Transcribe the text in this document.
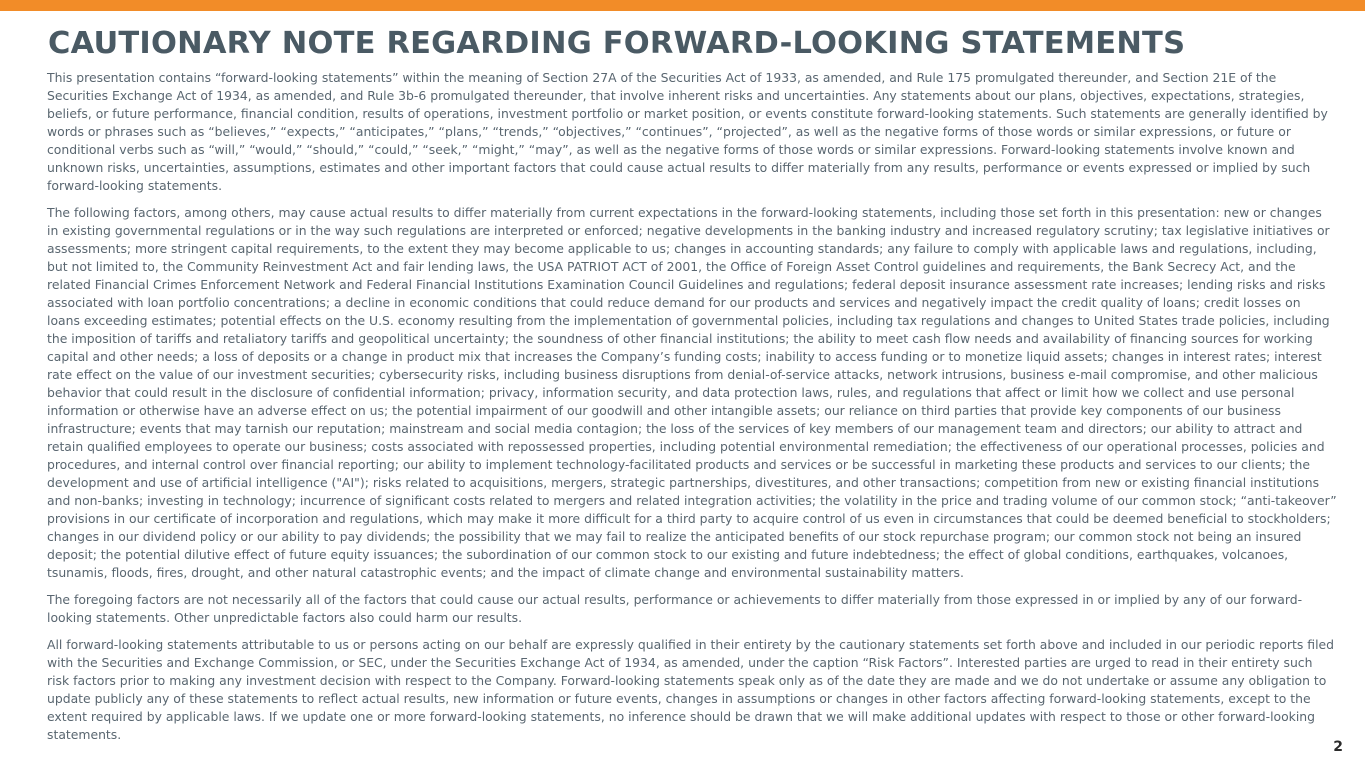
CAUTIONARY NOTE REGARDING FORWARD-LOOKING STATEMENTS

This presentation contains “forward-looking statements” within the meaning of Section 27A of the Securities Act of 1933, as amended, and Rule 175 promulgated thereunder, and Section 21E of the Securities Exchange Act of 1934, as amended, and Rule 3b-6 promulgated thereunder, that involve inherent risks and uncertainties. Any statements about our plans, objectives, expectations, strategies, beliefs, or future performance, financial condition, results of operations, investment portfolio or market position, or events constitute forward-looking statements. Such statements are generally identified by words or phrases such as “believes,” “expects,” “anticipates,” “plans,” “trends,” “objectives,” “continues”, “projected”, as well as the negative forms of those words or similar expressions, or future or conditional verbs such as “will,” “would,” “should,” “could,” “seek,” “might,” “may”, as well as the negative forms of those words or similar expressions. Forward-looking statements involve known and unknown risks, uncertainties, assumptions, estimates and other important factors that could cause actual results to differ materially from any results, performance or events expressed or implied by such forward-looking statements.

The following factors, among others, may cause actual results to differ materially from current expectations in the forward-looking statements, including those set forth in this presentation: new or changes in existing governmental regulations or in the way such regulations are interpreted or enforced; negative developments in the banking industry and increased regulatory scrutiny; tax legislative initiatives or assessments; more stringent capital requirements, to the extent they may become applicable to us; changes in accounting standards; any failure to comply with applicable laws and regulations, including, but not limited to, the Community Reinvestment Act and fair lending laws, the USA PATRIOT ACT of 2001, the Office of Foreign Asset Control guidelines and requirements, the Bank Secrecy Act, and the related Financial Crimes Enforcement Network and Federal Financial Institutions Examination Council Guidelines and regulations; federal deposit insurance assessment rate increases; lending risks and risks associated with loan portfolio concentrations; a decline in economic conditions that could reduce demand for our products and services and negatively impact the credit quality of loans; credit losses on loans exceeding estimates; potential effects on the U.S. economy resulting from the implementation of governmental policies, including tax regulations and changes to United States trade policies, including the imposition of tariffs and retaliatory tariffs and geopolitical uncertainty; the soundness of other financial institutions; the ability to meet cash flow needs and availability of financing sources for working capital and other needs; a loss of deposits or a change in product mix that increases the Company’s funding costs; inability to access funding or to monetize liquid assets; changes in interest rates; interest rate effect on the value of our investment securities; cybersecurity risks, including business disruptions from denial-of-service attacks, network intrusions, business e-mail compromise, and other malicious behavior that could result in the disclosure of confidential information; privacy, information security, and data protection laws, rules, and regulations that affect or limit how we collect and use personal information or otherwise have an adverse effect on us; the potential impairment of our goodwill and other intangible assets; our reliance on third parties that provide key components of our business infrastructure; events that may tarnish our reputation; mainstream and social media contagion; the loss of the services of key members of our management team and directors; our ability to attract and retain qualified employees to operate our business; costs associated with repossessed properties, including potential environmental remediation; the effectiveness of our operational processes, policies and procedures, and internal control over financial reporting; our ability to implement technology-facilitated products and services or be successful in marketing these products and services to our clients; the development and use of artificial intelligence ("AI"); risks related to acquisitions, mergers, strategic partnerships, divestitures, and other transactions; competition from new or existing financial institutions and non-banks; investing in technology; incurrence of significant costs related to mergers and related integration activities; the volatility in the price and trading volume of our common stock; “anti-takeover” provisions in our certificate of incorporation and regulations, which may make it more difficult for a third party to acquire control of us even in circumstances that could be deemed beneficial to stockholders; changes in our dividend policy or our ability to pay dividends; the possibility that we may fail to realize the anticipated benefits of our stock repurchase program; our common stock not being an insured deposit; the potential dilutive effect of future equity issuances; the subordination of our common stock to our existing and future indebtedness; the effect of global conditions, earthquakes, volcanoes, tsunamis, floods, fires, drought, and other natural catastrophic events; and the impact of climate change and environmental sustainability matters.

The foregoing factors are not necessarily all of the factors that could cause our actual results, performance or achievements to differ materially from those expressed in or implied by any of our forward-looking statements. Other unpredictable factors also could harm our results.

All forward-looking statements attributable to us or persons acting on our behalf are expressly qualified in their entirety by the cautionary statements set forth above and included in our periodic reports filed with the Securities and Exchange Commission, or SEC, under the Securities Exchange Act of 1934, as amended, under the caption “Risk Factors”. Interested parties are urged to read in their entirety such risk factors prior to making any investment decision with respect to the Company. Forward-looking statements speak only as of the date they are made and we do not undertake or assume any obligation to update publicly any of these statements to reflect actual results, new information or future events, changes in assumptions or changes in other factors affecting forward-looking statements, except to the extent required by applicable laws. If we update one or more forward-looking statements, no inference should be drawn that we will make additional updates with respect to those or other forward-looking statements.

2
